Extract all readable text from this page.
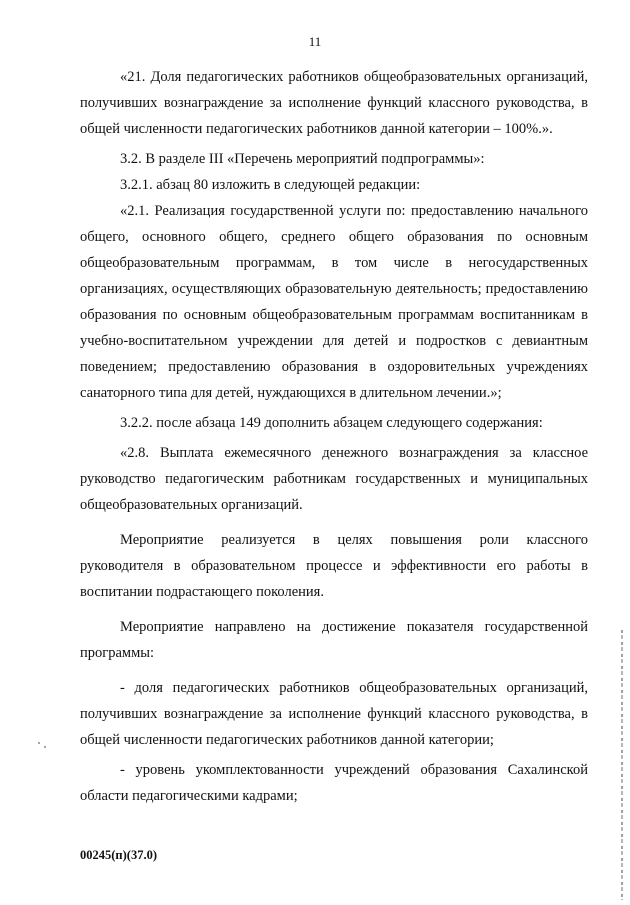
11

«21. Доля педагогических работников общеобразовательных организаций, получивших вознаграждение за исполнение функций классного руководства, в общей численности педагогических работников данной категории – 100%.».

3.2. В разделе III «Перечень мероприятий подпрограммы»:

3.2.1. абзац 80 изложить в следующей редакции:

«2.1. Реализация государственной услуги по: предоставлению начального общего, основного общего, среднего общего образования по основным общеобразовательным программам, в том числе в негосударственных организациях, осуществляющих образовательную деятельность; предоставлению образования по основным общеобразовательным программам воспитанникам в учебно-воспитательном учреждении для детей и подростков с девиантным поведением; предоставлению образования в оздоровительных учреждениях санаторного типа для детей, нуждающихся в длительном лечении.»;

3.2.2. после абзаца 149 дополнить абзацем следующего содержания:

«2.8. Выплата ежемесячного денежного вознаграждения за классное руководство педагогическим работникам государственных и муниципальных общеобразовательных организаций.

Мероприятие реализуется в целях повышения роли классного руководителя в образовательном процессе и эффективности его работы в воспитании подрастающего поколения.

Мероприятие направлено на достижение показателя государственной программы:

- доля педагогических работников общеобразовательных организаций, получивших вознаграждение за исполнение функций классного руководства, в общей численности педагогических работников данной категории;

- уровень укомплектованности учреждений образования Сахалинской области педагогическими кадрами;

00245(п)(37.0)
